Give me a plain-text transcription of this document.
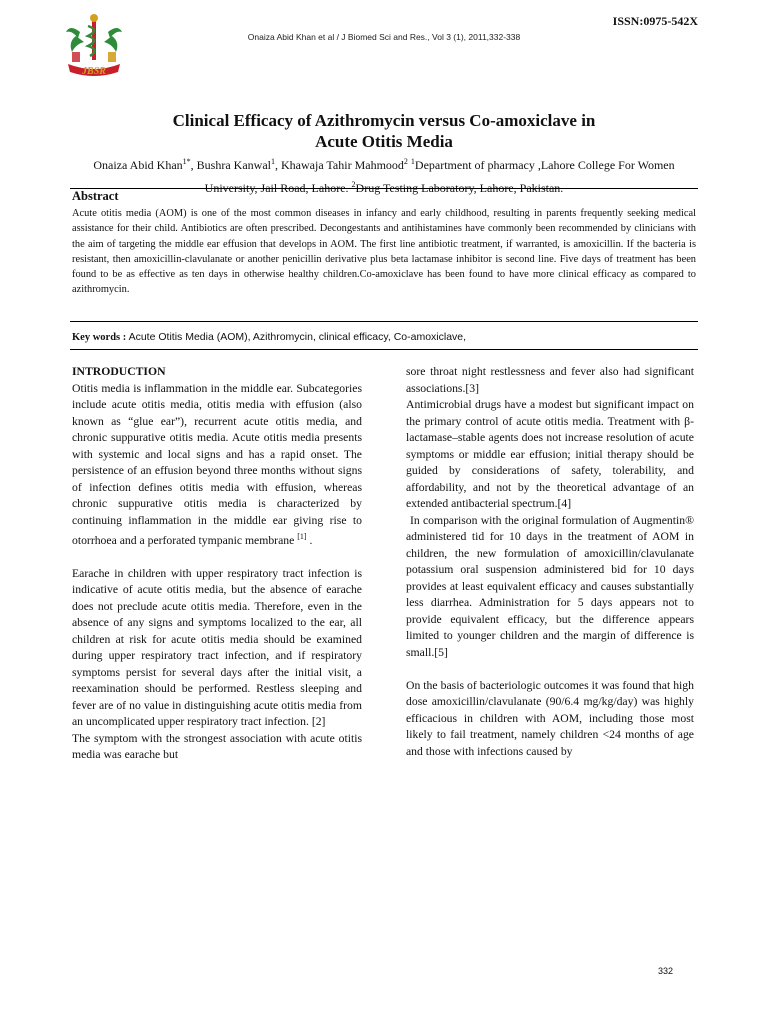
JBSR
ISSN:0975-542X
Onaiza Abid Khan et al / J Biomed Sci and Res., Vol 3 (1), 2011,332-338
Clinical Efficacy of Azithromycin versus Co-amoxiclave in
Acute Otitis Media
Onaiza Abid Khan$^{1*}$, Bushra Kanwal$^1$, Khawaja Tahir Mahmood$^2$ $^1$Department of pharmacy ,Lahore College For Women University, Jail Road, Lahore. $^2$Drug Testing Laboratory, Lahore, Pakistan.
Abstract
Acute otitis media (AOM) is one of the most common diseases in infancy and early childhood, resulting in parents frequently seeking medical assistance for their child. Antibiotics are often prescribed. Decongestants and antihistamines have commonly been recommended by clinicians with the aim of targeting the middle ear effusion that develops in AOM. The first line antibiotic treatment, if warranted, is amoxicillin. If the bacteria is resistant, then amoxicillin-clavulanate or another penicillin derivative plus beta lactamase inhibitor is second line. Five days of treatment has been found to be as effective as ten days in otherwise healthy children.Co-amoxiclave has been found to have more clinical efficacy as compared to azithromycin.
Key words : Acute Otitis Media (AOM), Azithromycin, clinical efficacy, Co-amoxiclave,

INTRODUCTION

Otitis media is inflammation in the middle ear. Subcategories include acute otitis media, otitis media with effusion (also known as “glue ear”), recurrent acute otitis media, and chronic suppurative otitis media. Acute otitis media presents with systemic and local signs and has a rapid onset. The persistence of an effusion beyond three months without signs of infection defines otitis media with effusion, whereas chronic suppurative otitis media is characterized by continuing inflammation in the middle ear giving rise to otorrhoea and a perforated tympanic membrane [1] .

Earache in children with upper respiratory tract infection is indicative of acute otitis media, but the absence of earache does not preclude acute otitis media. Therefore, even in the absence of any signs and symptoms localized to the ear, all children at risk for acute otitis media should be examined during upper respiratory tract infection, and if respiratory symptoms persist for several days after the initial visit, a reexamination should be performed. Restless sleeping and fever are of no value in distinguishing acute otitis media from an uncomplicated upper respiratory tract infection. [2]

The symptom with the strongest association with acute otitis media was earache but

sore throat night restlessness and fever also had significant associations.[3]

Antimicrobial drugs have a modest but significant impact on the primary control of acute otitis media. Treatment with β-lactamase–stable agents does not increase resolution of acute symptoms or middle ear effusion; initial therapy should be guided by considerations of safety, tolerability, and affordability, and not by the theoretical advantage of an extended antibacterial spectrum.[4]

In comparison with the original formulation of Augmentin® administered tid for 10 days in the treatment of AOM in children, the new formulation of amoxicillin/clavulanate potassium oral suspension administered bid for 10 days provides at least equivalent efficacy and causes substantially less diarrhea. Administration for 5 days appears not to provide equivalent efficacy, but the difference appears limited to younger children and the margin of difference is small.[5]

On the basis of bacteriologic outcomes it was found that high dose amoxicillin/clavulanate (90/6.4 mg/kg/day) was highly efficacious in children with AOM, including those most likely to fail treatment, namely children <24 months of age and those with infections caused by

332
